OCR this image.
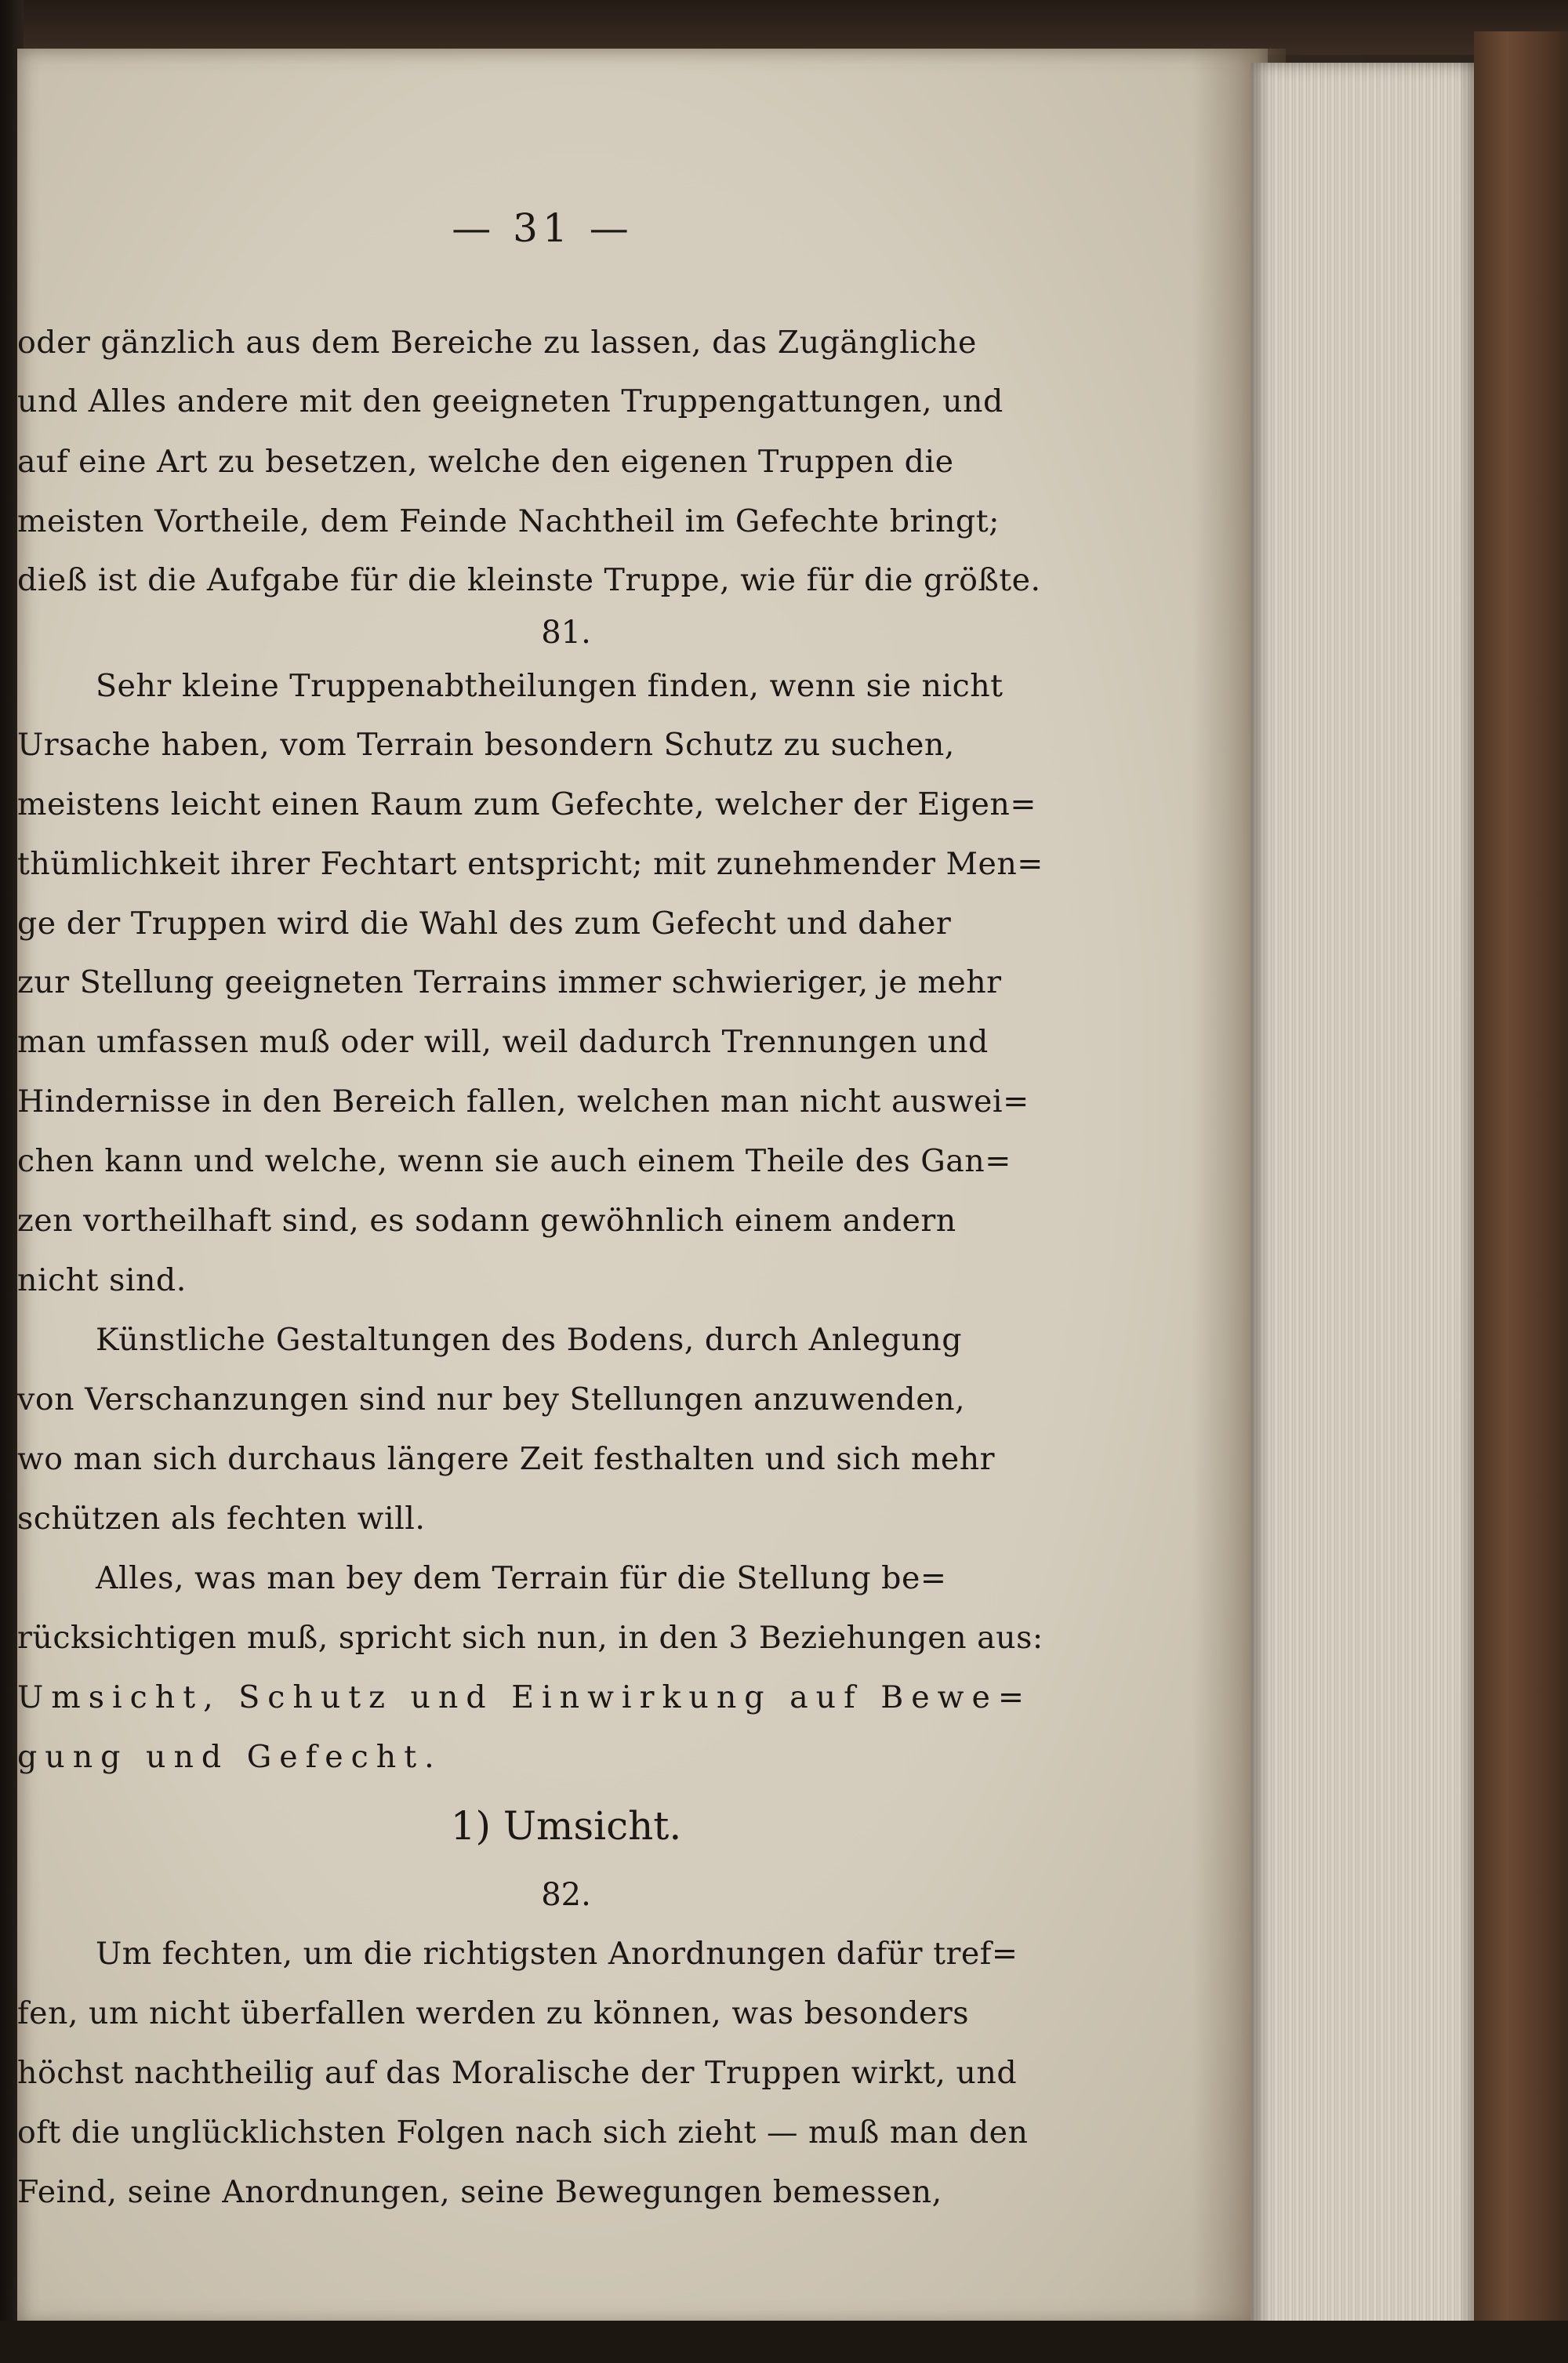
— 31 —
oder gänzlich aus dem Bereiche zu lassen, das Zugängliche
und Alles andere mit den geeigneten Truppengattungen, und
auf eine Art zu besetzen, welche den eigenen Truppen die
meisten Vortheile, dem Feinde Nachtheil im Gefechte bringt;
dieß ist die Aufgabe für die kleinste Truppe, wie für die größte.
81.
Sehr kleine Truppenabtheilungen finden, wenn sie nicht
Ursache haben, vom Terrain besondern Schutz zu suchen,
meistens leicht einen Raum zum Gefechte, welcher der Eigen=
thümlichkeit ihrer Fechtart entspricht; mit zunehmender Men=
ge der Truppen wird die Wahl des zum Gefecht und daher
zur Stellung geeigneten Terrains immer schwieriger, je mehr
man umfassen muß oder will, weil dadurch Trennungen und
Hindernisse in den Bereich fallen, welchen man nicht auswei=
chen kann und welche, wenn sie auch einem Theile des Gan=
zen vortheilhaft sind, es sodann gewöhnlich einem andern
nicht sind.
Künstliche Gestaltungen des Bodens, durch Anlegung
von Verschanzungen sind nur bey Stellungen anzuwenden,
wo man sich durchaus längere Zeit festhalten und sich mehr
schützen als fechten will.
Alles, was man bey dem Terrain für die Stellung be=
rücksichtigen muß, spricht sich nun, in den 3 Beziehungen aus:
Umsicht, Schutz und Einwirkung auf Bewe=
gung und Gefecht.
1) Umsicht.
82.
Um fechten, um die richtigsten Anordnungen dafür tref=
fen, um nicht überfallen werden zu können, was besonders
höchst nachtheilig auf das Moralische der Truppen wirkt, und
oft die unglücklichsten Folgen nach sich zieht — muß man den
Feind, seine Anordnungen, seine Bewegungen bemessen,
